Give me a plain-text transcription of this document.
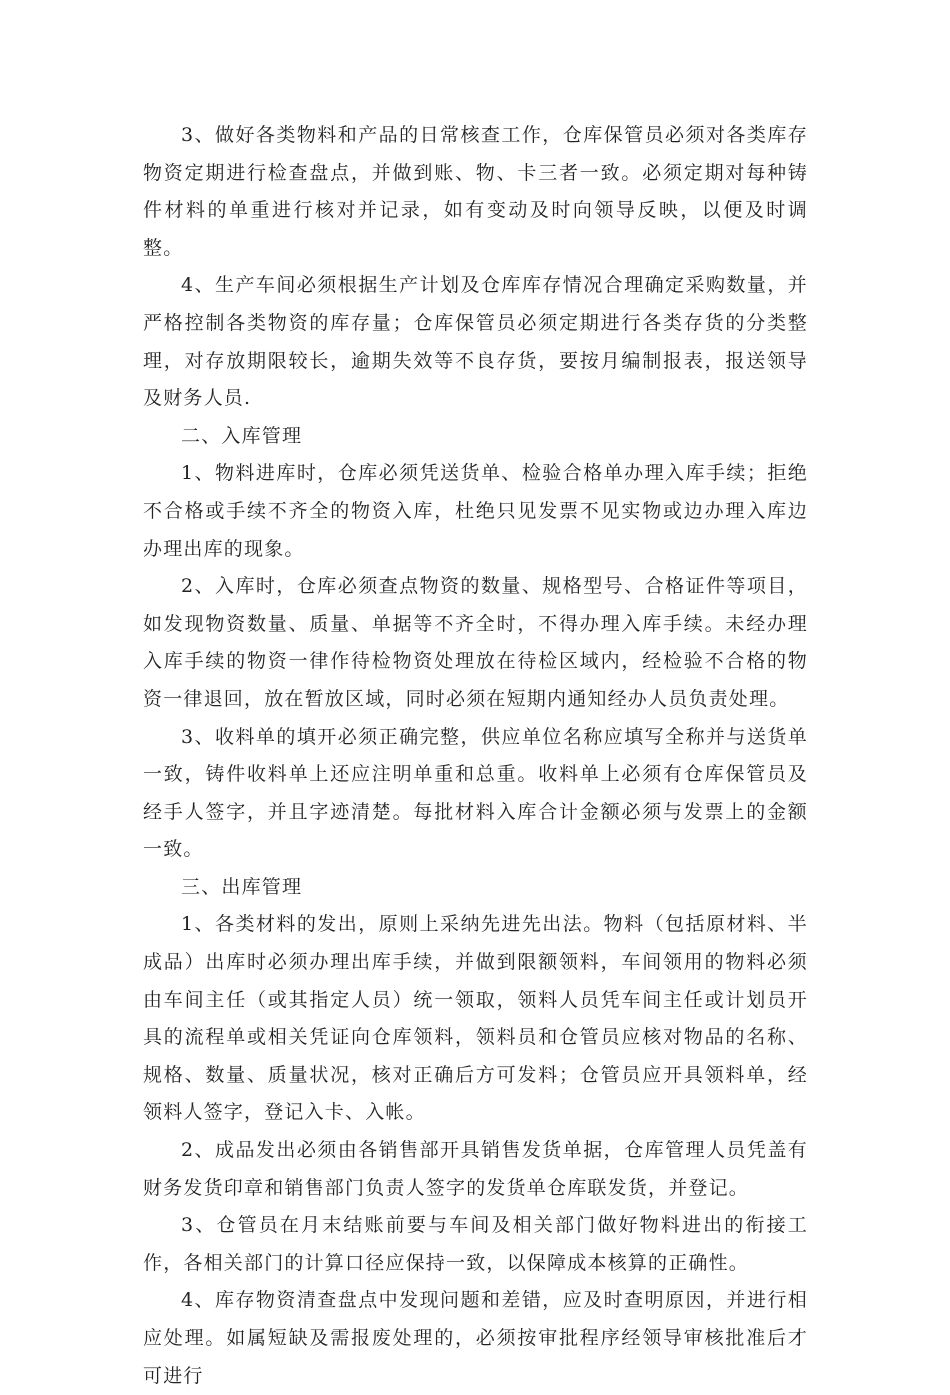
3、做好各类物料和产品的日常核查工作，仓库保管员必须对各类库存物资定期进行检查盘点，并做到账、物、卡三者一致。必须定期对每种铸件材料的单重进行核对并记录，如有变动及时向领导反映，以便及时调整。

4、生产车间必须根据生产计划及仓库库存情况合理确定采购数量，并严格控制各类物资的库存量；仓库保管员必须定期进行各类存货的分类整理，对存放期限较长，逾期失效等不良存货，要按月编制报表，报送领导及财务人员.

二、入库管理

1、物料进库时，仓库必须凭送货单、检验合格单办理入库手续；拒绝不合格或手续不齐全的物资入库，杜绝只见发票不见实物或边办理入库边办理出库的现象。

2、入库时，仓库必须查点物资的数量、规格型号、合格证件等项目，如发现物资数量、质量、单据等不齐全时，不得办理入库手续。未经办理入库手续的物资一律作待检物资处理放在待检区域内，经检验不合格的物资一律退回，放在暂放区域，同时必须在短期内通知经办人员负责处理。

3、收料单的填开必须正确完整，供应单位名称应填写全称并与送货单一致，铸件收料单上还应注明单重和总重。收料单上必须有仓库保管员及经手人签字，并且字迹清楚。每批材料入库合计金额必须与发票上的金额一致。

三、出库管理

1、各类材料的发出，原则上采纳先进先出法。物料（包括原材料、半成品）出库时必须办理出库手续，并做到限额领料，车间领用的物料必须由车间主任（或其指定人员）统一领取，领料人员凭车间主任或计划员开具的流程单或相关凭证向仓库领料，领料员和仓管员应核对物品的名称、规格、数量、质量状况，核对正确后方可发料；仓管员应开具领料单，经领料人签字，登记入卡、入帐。

2、成品发出必须由各销售部开具销售发货单据，仓库管理人员凭盖有财务发货印章和销售部门负责人签字的发货单仓库联发货，并登记。

3、仓管员在月末结账前要与车间及相关部门做好物料进出的衔接工作，各相关部门的计算口径应保持一致，以保障成本核算的正确性。

4、库存物资清查盘点中发现问题和差错，应及时查明原因，并进行相应处理。如属短缺及需报废处理的，必须按审批程序经领导审核批准后才可进行
